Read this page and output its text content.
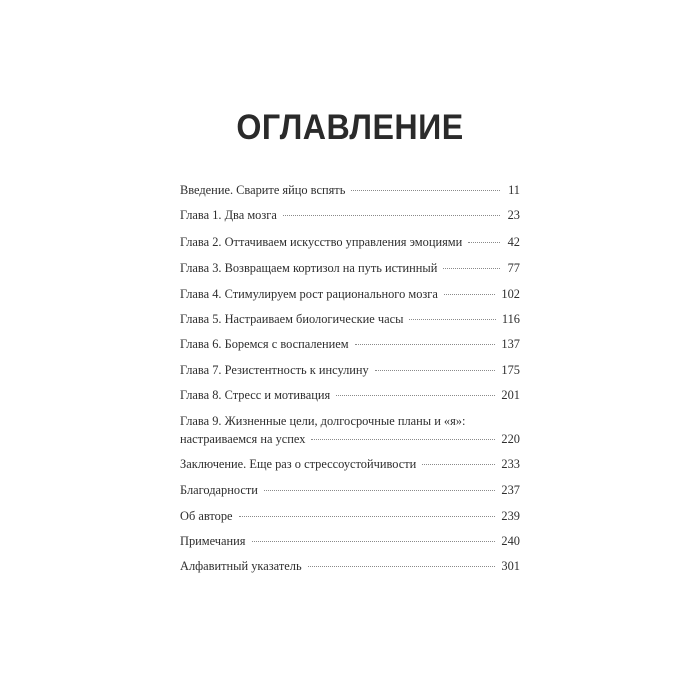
ОГЛАВЛЕНИЕ
Введение. Сварите яйцо вспять	11
Глава 1. Два мозга	23
Глава 2. Оттачиваем искусство управления эмоциями	42
Глава 3. Возвращаем кортизол на путь истинный	77
Глава 4. Стимулируем рост рационального мозга	102
Глава 5. Настраиваем биологические часы	116
Глава 6. Боремся с воспалением	137
Глава 7. Резистентность к инсулину	175
Глава 8. Стресс и мотивация	201
Глава 9. Жизненные цели, долгосрочные планы и «я»:
настраиваемся на успех	220
Заключение. Еще раз о стрессоустойчивости	233
Благодарности	237
Об авторе	239
Примечания	240
Алфавитный указатель	301
